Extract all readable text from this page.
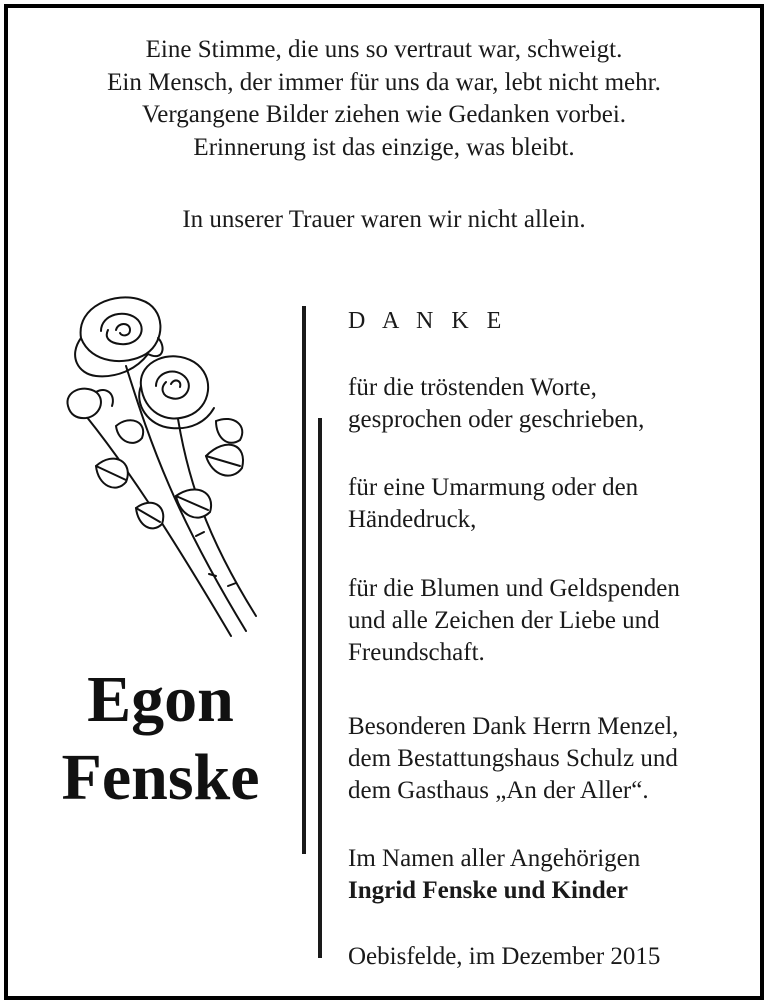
Eine Stimme, die uns so vertraut war, schweigt.

Ein Mensch, der immer für uns da war, lebt nicht mehr.

Vergangene Bilder ziehen wie Gedanken vorbei.

Erinnerung ist das einzige, was bleibt.

In unserer Trauer waren wir nicht allein.
Egon
Fenske
D A N K E

für die tröstenden Worte,

gesprochen oder geschrieben,

für eine Umarmung oder den

Händedruck,

für die Blumen und Geldspenden

und alle Zeichen der Liebe und

Freundschaft.

Besonderen Dank Herrn Menzel,

dem Bestattungshaus Schulz und

dem Gasthaus „An der Aller“.

Im Namen aller Angehörigen

Ingrid Fenske und Kinder

Oebisfelde, im Dezember 2015
